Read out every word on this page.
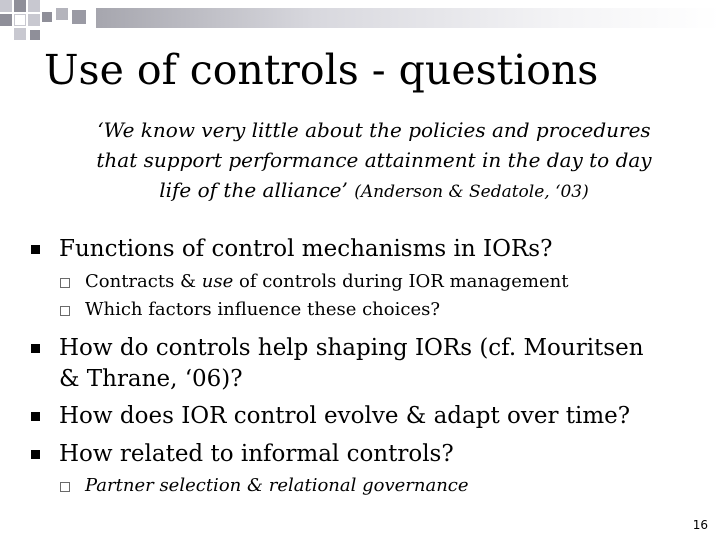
Use of controls - questions
‘We know very little about the policies and procedures
that support performance attainment in the day to day
life of the alliance’ (Anderson & Sedatole, ‘03)
Functions of control mechanisms in IORs?
Contracts & use of controls during IOR management
Which factors influence these choices?
How do controls help shaping IORs (cf. Mouritsen
& Thrane, ‘06)?
How does IOR control evolve & adapt over time?
How related to informal controls?
Partner selection & relational governance
16
